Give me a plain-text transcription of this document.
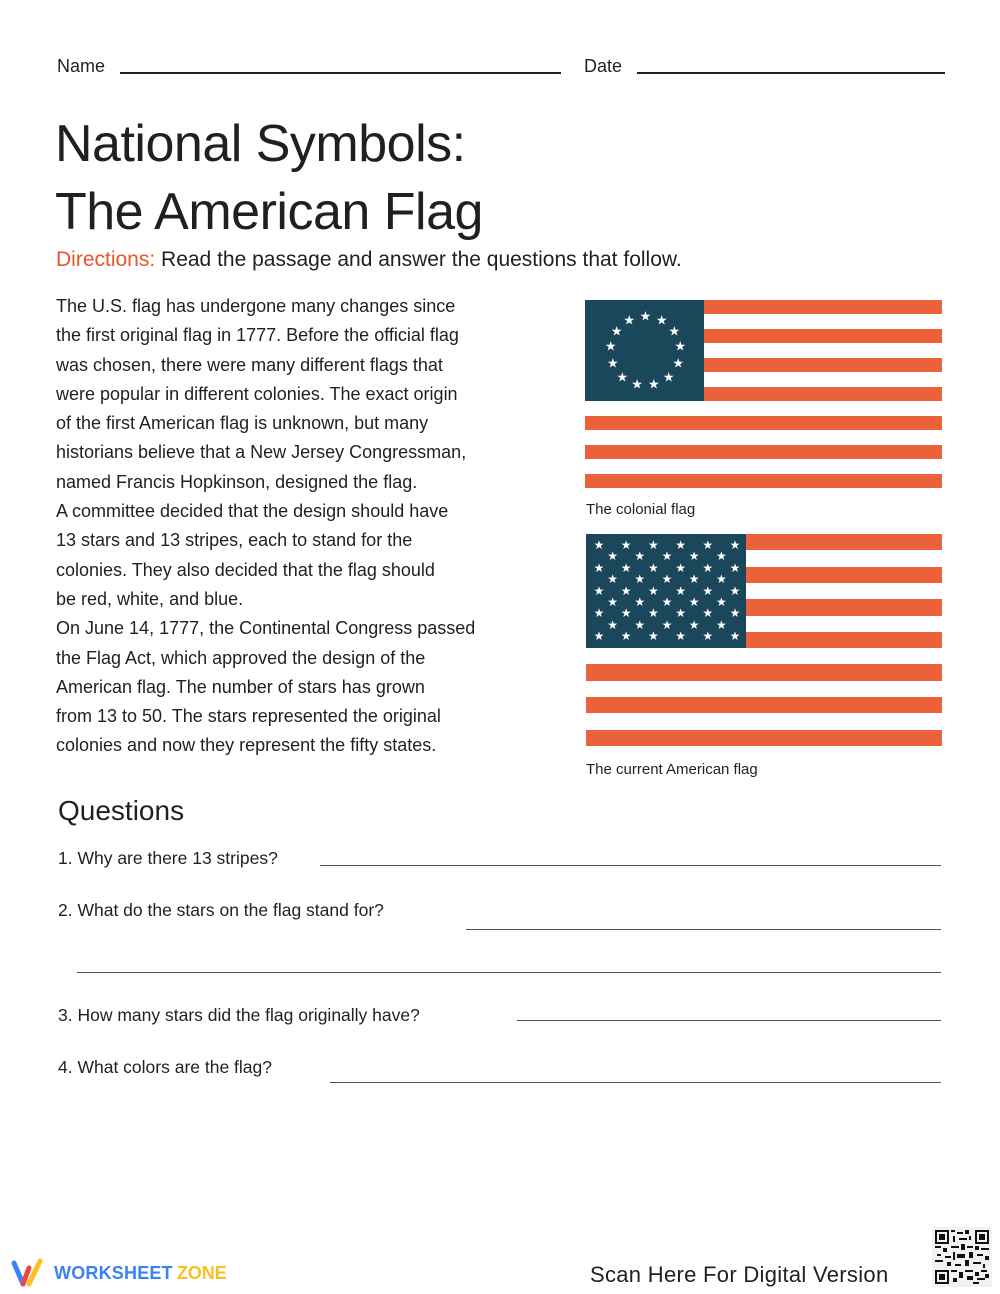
Name	Date
National Symbols:
The American Flag
Directions: Read the passage and answer the questions that follow.

The U.S. flag has undergone many changes since

the first original flag in 1777. Before the official flag

was chosen, there were many different flags that

were popular in different colonies. The exact origin

of the first American flag is unknown, but many

historians believe that a New Jersey Congressman,

named Francis Hopkinson, designed the flag.

A committee decided that the design should have

13 stars and 13 stripes, each to stand for the

colonies. They also decided that the flag should

be red, white, and blue.

On June 14, 1777, the Continental Congress passed

the Flag Act, which approved the design of the

American flag. The number of stars has grown

from 13 to 50. The stars represented the original

colonies and now they represent the fifty states.

★ ★
★
★
★
★
★
★
★
★
★
★
★
The colonial flag
★ ★ ★ ★ ★ ★
★ ★ ★ ★ ★
★ ★ ★ ★ ★ ★
★ ★ ★ ★ ★
★ ★ ★ ★ ★ ★
★ ★ ★ ★ ★
★ ★ ★ ★ ★ ★
★ ★ ★ ★ ★
★ ★ ★ ★ ★ ★
The current American flag
Questions
1. Why are there 13 stripes?
2. What do the stars on the flag stand for?
3. How many stars did the flag originally have?
4. What colors are the flag?
WORKSHEET ZONE	Scan Here For Digital Version
